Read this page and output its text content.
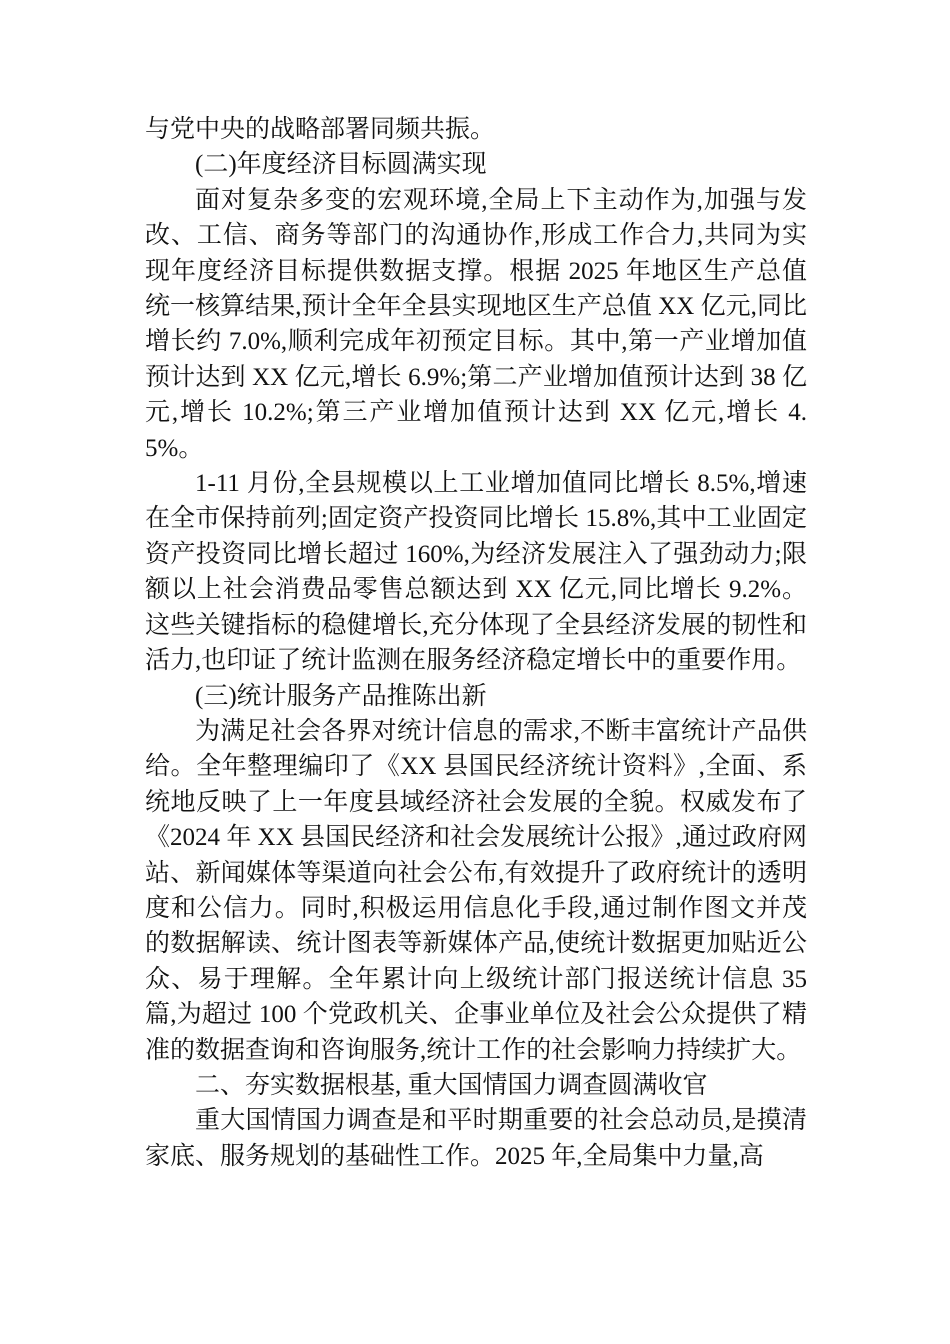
与党中央的战略部署同频共振。

(二)年度经济目标圆满实现

面对复杂多变的宏观环境,全局上下主动作为,加强与发改、工信、商务等部门的沟通协作,形成工作合力,共同为实现年度经济目标提供数据支撑。根据 2025 年地区生产总值统一核算结果,预计全年全县实现地区生产总值 XX 亿元,同比增长约 7.0%,顺利完成年初预定目标。其中,第一产业增加值预计达到 XX 亿元,增长 6.9%;第二产业增加值预计达到 38 亿元,增长 10.2%;第三产业增加值预计达到 XX 亿元,增长 4.5%。

1-11 月份,全县规模以上工业增加值同比增长 8.5%,增速在全市保持前列;固定资产投资同比增长 15.8%,其中工业固定资产投资同比增长超过 160%,为经济发展注入了强劲动力;限额以上社会消费品零售总额达到 XX 亿元,同比增长 9.2%。这些关键指标的稳健增长,充分体现了全县经济发展的韧性和活力,也印证了统计监测在服务经济稳定增长中的重要作用。

(三)统计服务产品推陈出新

为满足社会各界对统计信息的需求,不断丰富统计产品供给。全年整理编印了《XX 县国民经济统计资料》,全面、系统地反映了上一年度县域经济社会发展的全貌。权威发布了《2024 年 XX 县国民经济和社会发展统计公报》,通过政府网站、新闻媒体等渠道向社会公布,有效提升了政府统计的透明度和公信力。同时,积极运用信息化手段,通过制作图文并茂的数据解读、统计图表等新媒体产品,使统计数据更加贴近公众、易于理解。全年累计向上级统计部门报送统计信息 35 篇,为超过 100 个党政机关、企事业单位及社会公众提供了精准的数据查询和咨询服务,统计工作的社会影响力持续扩大。

二、夯实数据根基, 重大国情国力调查圆满收官

重大国情国力调查是和平时期重要的社会总动员,是摸清家底、服务规划的基础性工作。2025 年,全局集中力量,高
